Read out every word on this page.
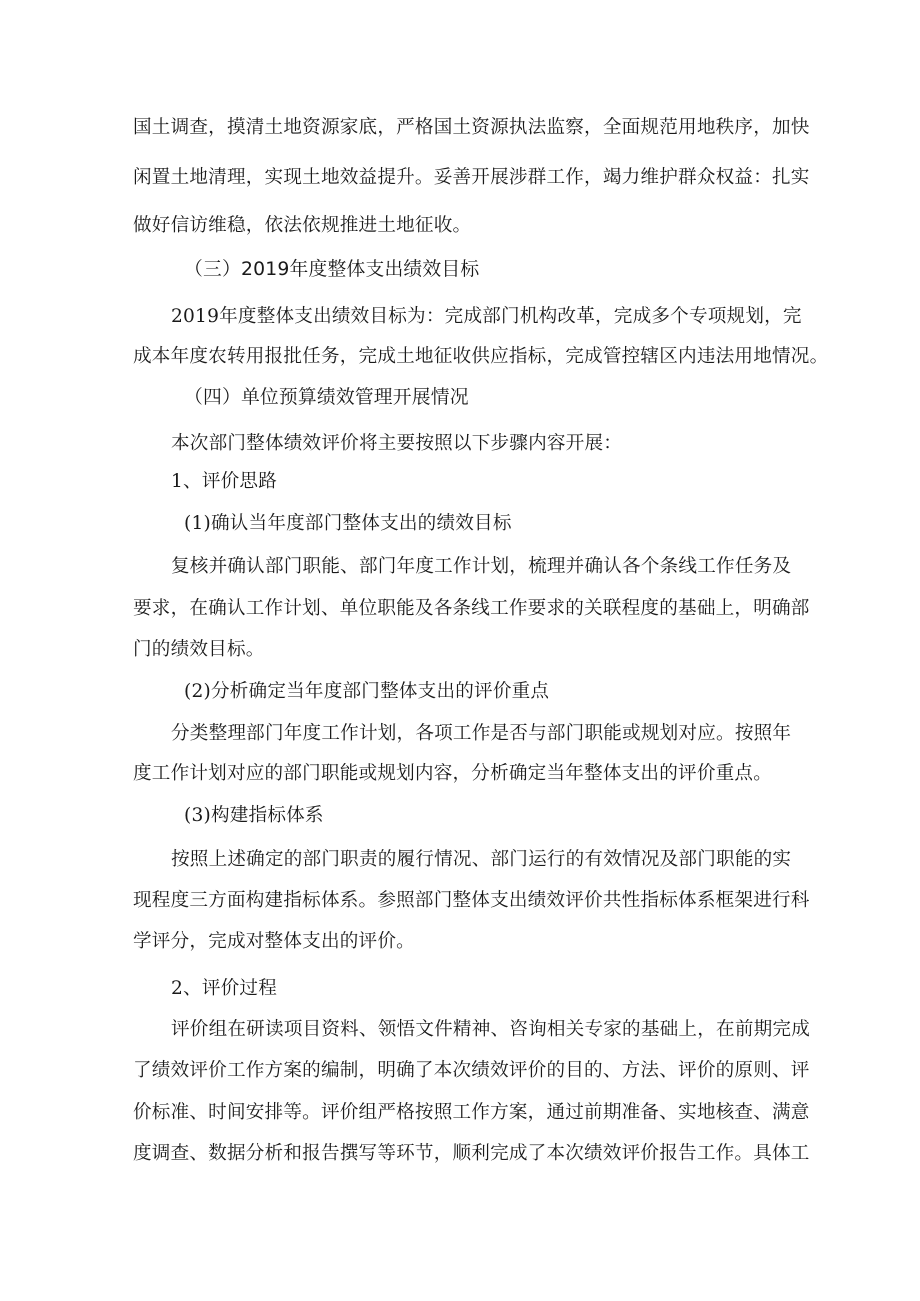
国土调查，摸清土地资源家底，严格国土资源执法监察，全面规范用地秩序，加快
闲置土地清理，实现土地效益提升。妥善开展涉群工作，竭力维护群众权益：扎实
做好信访维稳，依法依规推进土地征收。
（三）2019年度整体支出绩效目标
2019年度整体支出绩效目标为：完成部门机构改革，完成多个专项规划，完
成本年度农转用报批任务，完成土地征收供应指标，完成管控辖区内违法用地情况。
（四）单位预算绩效管理开展情况
本次部门整体绩效评价将主要按照以下步骤内容开展：
1、评价思路
(1)确认当年度部门整体支出的绩效目标
复核并确认部门职能、部门年度工作计划，梳理并确认各个条线工作任务及
要求，在确认工作计划、单位职能及各条线工作要求的关联程度的基础上，明确部
门的绩效目标。
(2)分析确定当年度部门整体支出的评价重点
分类整理部门年度工作计划，各项工作是否与部门职能或规划对应。按照年
度工作计划对应的部门职能或规划内容，分析确定当年整体支出的评价重点。
(3)构建指标体系
按照上述确定的部门职责的履行情况、部门运行的有效情况及部门职能的实
现程度三方面构建指标体系。参照部门整体支出绩效评价共性指标体系框架进行科
学评分，完成对整体支出的评价。
2、评价过程
评价组在研读项目资料、领悟文件精神、咨询相关专家的基础上，在前期完成
了绩效评价工作方案的编制，明确了本次绩效评价的目的、方法、评价的原则、评
价标准、时间安排等。评价组严格按照工作方案，通过前期准备、实地核查、满意
度调查、数据分析和报告撰写等环节，顺利完成了本次绩效评价报告工作。具体工
